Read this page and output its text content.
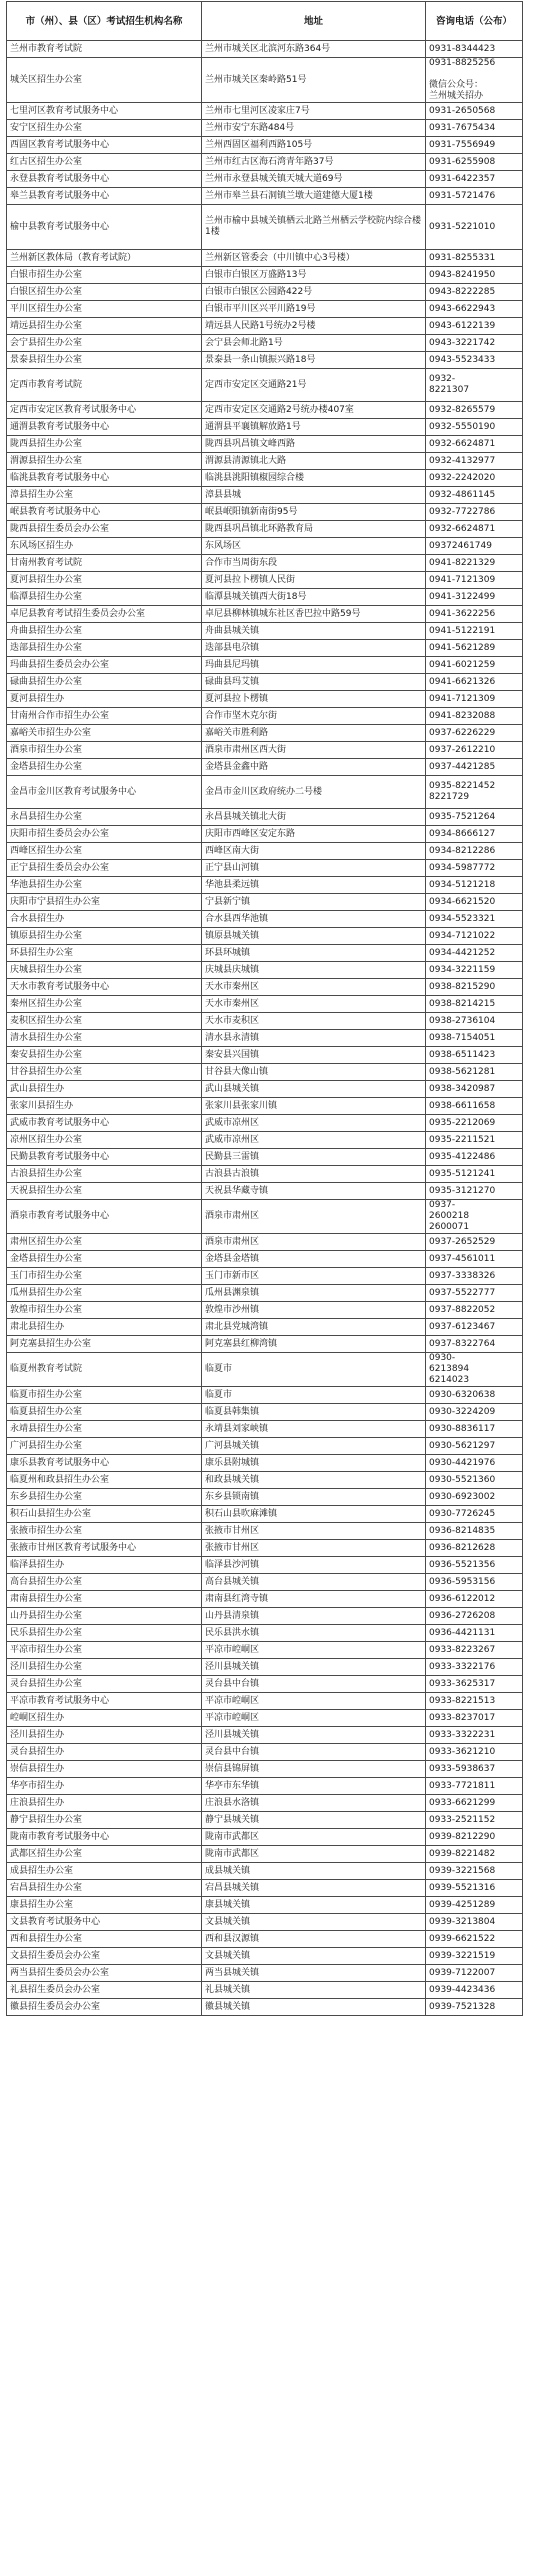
市（州）、县（区）考试招生机构名称	地址	咨询电话（公布）
兰州市教育考试院	兰州市城关区北滨河东路364号	0931-8344423
城关区招生办公室	兰州市城关区秦岭路51号	0931-8825256

微信公众号：
兰州城关招办
七里河区教育考试服务中心	兰州市七里河区凌家庄7号	0931-2650568
安宁区招生办公室	兰州市安宁东路484号	0931-7675434
西固区教育考试服务中心	兰州西固区福利西路105号	0931-7556949
红古区招生办公室	兰州市红古区海石湾青年路37号	0931-6255908
永登县教育考试服务中心	兰州市永登县城关镇天城大道69号	0931-6422357
皋兰县教育考试服务中心	兰州市皋兰县石洞镇兰墩大道建德大厦1楼	0931-5721476
榆中县教育考试服务中心	兰州市榆中县城关镇栖云北路兰州栖云学校院内综合楼1楼	0931-5221010
兰州新区教体局（教育考试院）	兰州新区管委会（中川镇中心3号楼）	0931-8255331
白银市招生办公室	白银市白银区万盛路13号	0943-8241950
白银区招生办公室	白银市白银区公园路422号	0943-8222285
平川区招生办公室	白银市平川区兴平川路19号	0943-6622943
靖远县招生办公室	靖远县人民路1号统办2号楼	0943-6122139
会宁县招生办公室	会宁县会师北路1号	0943-3221742
景泰县招生办公室	景泰县一条山镇振兴路18号	0943-5523433
定西市教育考试院	定西市安定区交通路21号	0932-
8221307
定西市安定区教育考试服务中心	定西市安定区交通路2号统办楼407室	0932-8265579
通渭县教育考试服务中心	通渭县平襄镇解放路1号	0932-5550190
陇西县招生办公室	陇西县巩昌镇文峰西路	0932-6624871
渭源县招生办公室	渭源县清源镇北大路	0932-4132977
临洮县教育考试服务中心	临洮县洮阳镇椒园综合楼	0932-2242020
漳县招生办公室	漳县县城	0932-4861145
岷县教育考试服务中心	岷县岷阳镇新南街95号	0932-7722786
陇西县招生委员会办公室	陇西县巩昌镇北环路教育局	0932-6624871
东风场区招生办	东风场区	09372461749
甘南州教育考试院	合作市当周街东段	0941-8221329
夏河县招生办公室	夏河县拉卜楞镇人民街	0941-7121309
临潭县招生办公室	临潭县城关镇西大街18号	0941-3122499
卓尼县教育考试招生委员会办公室	卓尼县柳林镇城东社区香巴拉中路59号	0941-3622256
舟曲县招生办公室	舟曲县城关镇	0941-5122191
迭部县招生办公室	迭部县电尕镇	0941-5621289
玛曲县招生委员会办公室	玛曲县尼玛镇	0941-6021259
碌曲县招生办公室	碌曲县玛艾镇	0941-6621326
夏河县招生办	夏河县拉卜楞镇	0941-7121309
甘南州合作市招生办公室	合作市坚木克尔街	0941-8232088
嘉峪关市招生办公室	嘉峪关市胜利路	0937-6226229
酒泉市招生办公室	酒泉市肃州区西大街	0937-2612210
金塔县招生办公室	金塔县金鑫中路	0937-4421285
金昌市金川区教育考试服务中心	金昌市金川区政府统办二号楼	0935-8221452
8221729
永昌县招生办公室	永昌县城关镇北大街	0935-7521264
庆阳市招生委员会办公室	庆阳市西峰区安定东路	0934-8666127
西峰区招生办公室	西峰区南大街	0934-8212286
正宁县招生委员会办公室	正宁县山河镇	0934-5987772
华池县招生办公室	华池县柔远镇	0934-5121218
庆阳市宁县招生办公室	宁县新宁镇	0934-6621520
合水县招生办	合水县西华池镇	0934-5523321
镇原县招生办公室	镇原县城关镇	0934-7121022
环县招生办公室	环县环城镇	0934-4421252
庆城县招生办公室	庆城县庆城镇	0934-3221159
天水市教育考试服务中心	天水市秦州区	0938-8215290
秦州区招生办公室	天水市秦州区	0938-8214215
麦积区招生办公室	天水市麦积区	0938-2736104
清水县招生办公室	清水县永清镇	0938-7154051
秦安县招生办公室	秦安县兴国镇	0938-6511423
甘谷县招生办公室	甘谷县大像山镇	0938-5621281
武山县招生办	武山县城关镇	0938-3420987
张家川县招生办	张家川县张家川镇	0938-6611658
武威市教育考试服务中心	武威市凉州区	0935-2212069
凉州区招生办公室	武威市凉州区	0935-2211521
民勤县教育考试服务中心	民勤县三雷镇	0935-4122486
古浪县招生办公室	古浪县古浪镇	0935-5121241
天祝县招生办公室	天祝县华藏寺镇	0935-3121270
酒泉市教育考试服务中心	酒泉市肃州区	0937-
2600218
2600071
肃州区招生办公室	酒泉市肃州区	0937-2652529
金塔县招生办公室	金塔县金塔镇	0937-4561011
玉门市招生办公室	玉门市新市区	0937-3338326
瓜州县招生办公室	瓜州县渊泉镇	0937-5522777
敦煌市招生办公室	敦煌市沙州镇	0937-8822052
肃北县招生办	肃北县党城湾镇	0937-6123467
阿克塞县招生办公室	阿克塞县红柳湾镇	0937-8322764
临夏州教育考试院	临夏市	0930-
6213894
6214023
临夏市招生办公室	临夏市	0930-6320638
临夏县招生办公室	临夏县韩集镇	0930-3224209
永靖县招生办公室	永靖县刘家峡镇	0930-8836117
广河县招生办公室	广河县城关镇	0930-5621297
康乐县教育考试服务中心	康乐县附城镇	0930-4421976
临夏州和政县招生办公室	和政县城关镇	0930-5521360
东乡县招生办公室	东乡县锁南镇	0930-6923002
积石山县招生办公室	积石山县吹麻滩镇	0930-7726245
张掖市招生办公室	张掖市甘州区	0936-8214835
张掖市甘州区教育考试服务中心	张掖市甘州区	0936-8212628
临泽县招生办	临泽县沙河镇	0936-5521356
高台县招生办公室	高台县城关镇	0936-5953156
肃南县招生办公室	肃南县红湾寺镇	0936-6122012
山丹县招生办公室	山丹县清泉镇	0936-2726208
民乐县招生办公室	民乐县洪水镇	0936-4421131
平凉市招生办公室	平凉市崆峒区	0933-8223267
泾川县招生办公室	泾川县城关镇	0933-3322176
灵台县招生办公室	灵台县中台镇	0933-3625317
平凉市教育考试服务中心	平凉市崆峒区	0933-8221513
崆峒区招生办	平凉市崆峒区	0933-8237017
泾川县招生办	泾川县城关镇	0933-3322231
灵台县招生办	灵台县中台镇	0933-3621210
崇信县招生办	崇信县锦屏镇	0933-5938637
华亭市招生办	华亭市东华镇	0933-7721811
庄浪县招生办	庄浪县水洛镇	0933-6621299
静宁县招生办公室	静宁县城关镇	0933-2521152
陇南市教育考试服务中心	陇南市武都区	0939-8212290
武都区招生办公室	陇南市武都区	0939-8221482
成县招生办公室	成县城关镇	0939-3221568
宕昌县招生办公室	宕昌县城关镇	0939-5521316
康县招生办公室	康县城关镇	0939-4251289
文县教育考试服务中心	文县城关镇	0939-3213804
西和县招生办公室	西和县汉源镇	0939-6621522
文县招生委员会办公室	文县城关镇	0939-3221519
两当县招生委员会办公室	两当县城关镇	0939-7122007
礼县招生委员会办公室	礼县城关镇	0939-4423436
徽县招生委员会办公室	徽县城关镇	0939-7521328
